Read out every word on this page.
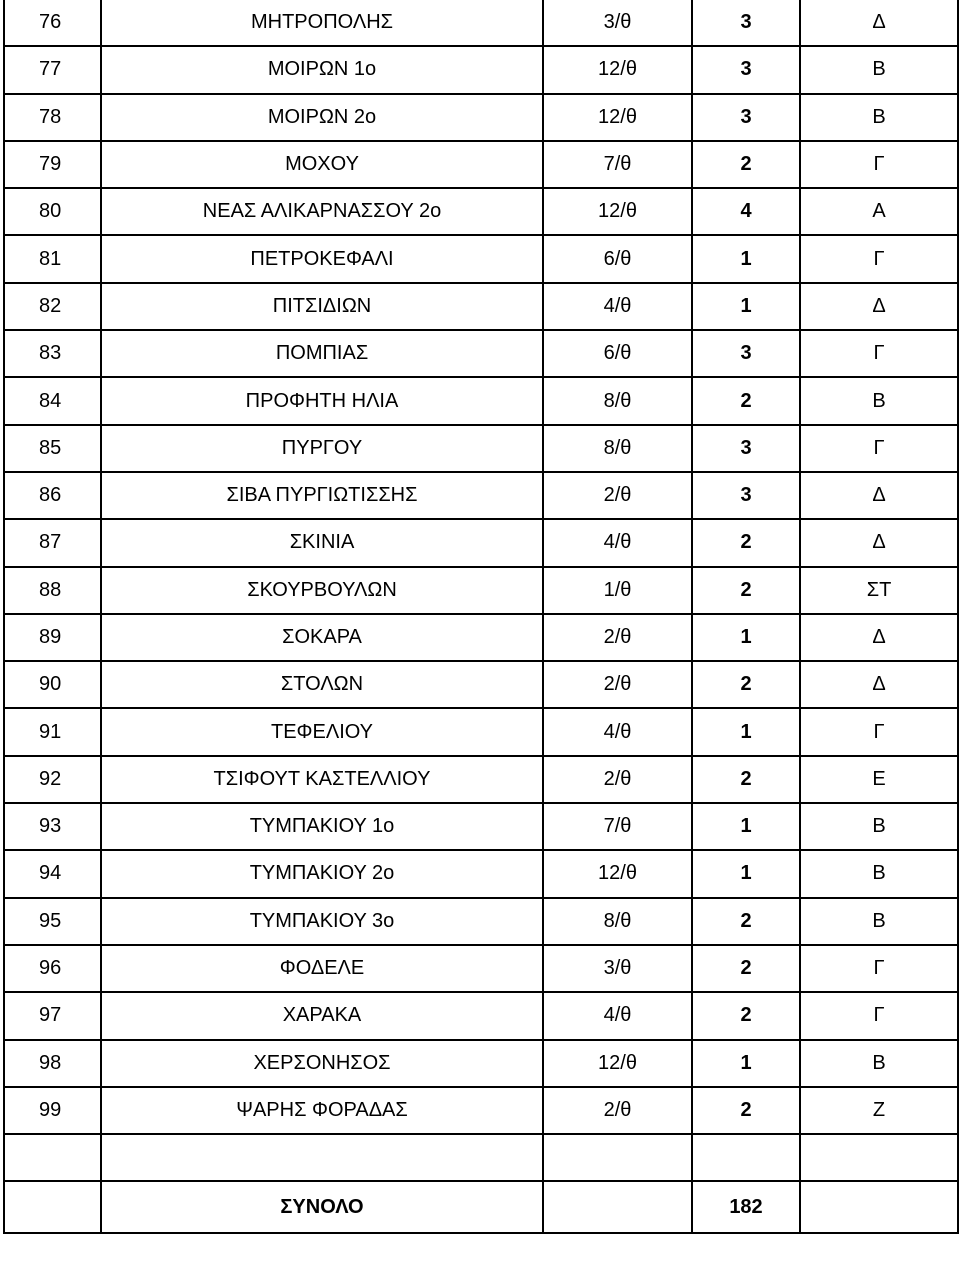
76	ΜΗΤΡΟΠΟΛΗΣ	3/θ	3	Δ
77	ΜΟΙΡΩΝ 1ο	12/θ	3	Β
78	ΜΟΙΡΩΝ 2ο	12/θ	3	Β
79	ΜΟΧΟΥ	7/θ	2	Γ
80	ΝΕΑΣ ΑΛΙΚΑΡΝΑΣΣΟΥ 2ο	12/θ	4	Α
81	ΠΕΤΡΟΚΕΦΑΛΙ	6/θ	1	Γ
82	ΠΙΤΣΙΔΙΩΝ	4/θ	1	Δ
83	ΠΟΜΠΙΑΣ	6/θ	3	Γ
84	ΠΡΟΦΗΤΗ ΗΛΙΑ	8/θ	2	Β
85	ΠΥΡΓΟΥ	8/θ	3	Γ
86	ΣΙΒΑ ΠΥΡΓΙΩΤΙΣΣΗΣ	2/θ	3	Δ
87	ΣΚΙΝΙΑ	4/θ	2	Δ
88	ΣΚΟΥΡΒΟΥΛΩΝ	1/θ	2	ΣΤ
89	ΣΟΚΑΡΑ	2/θ	1	Δ
90	ΣΤΟΛΩΝ	2/θ	2	Δ
91	ΤΕΦΕΛΙΟΥ	4/θ	1	Γ
92	ΤΣΙΦΟΥΤ ΚΑΣΤΕΛΛΙΟΥ	2/θ	2	Ε
93	ΤΥΜΠΑΚΙΟΥ 1ο	7/θ	1	Β
94	ΤΥΜΠΑΚΙΟΥ 2ο	12/θ	1	Β
95	ΤΥΜΠΑΚΙΟΥ 3ο	8/θ	2	Β
96	ΦΟΔΕΛΕ	3/θ	2	Γ
97	ΧΑΡΑΚΑ	4/θ	2	Γ
98	ΧΕΡΣΟΝΗΣΟΣ	12/θ	1	Β
99	ΨΑΡΗΣ ΦΟΡΑΔΑΣ	2/θ	2	Ζ

	ΣΥΝΟΛΟ		182	
